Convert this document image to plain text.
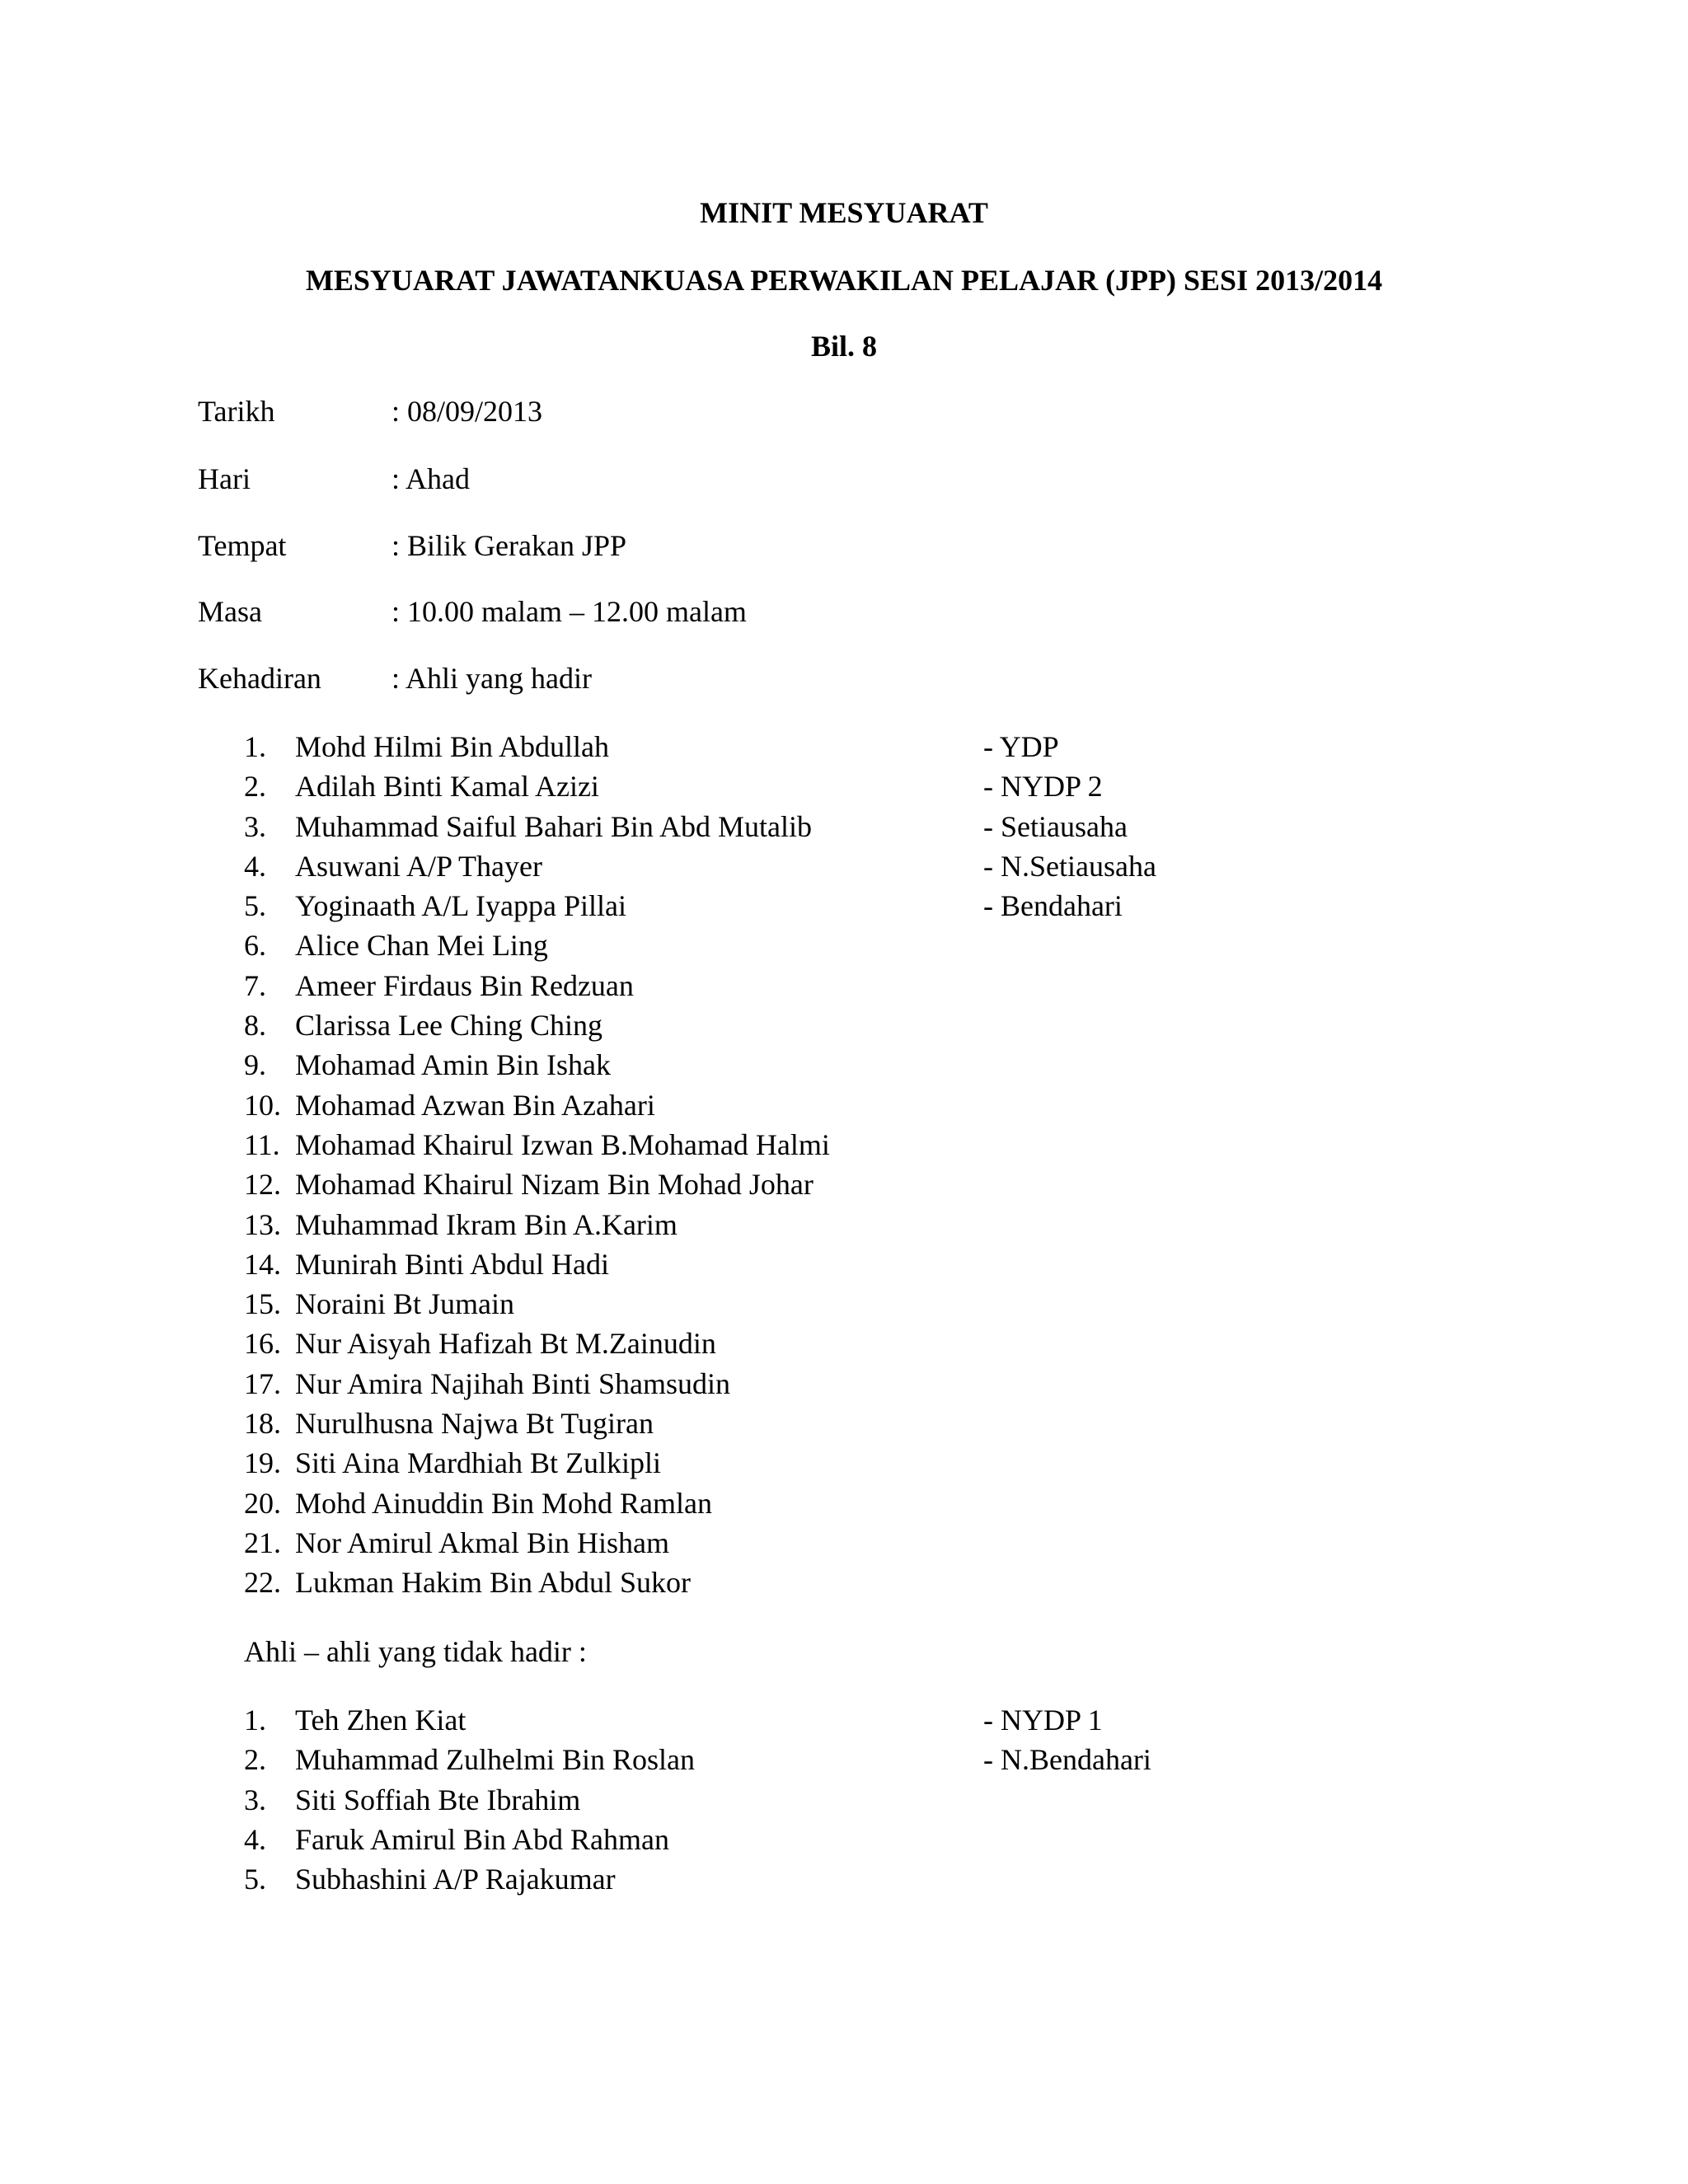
MINIT MESYUARAT
MESYUARAT JAWATANKUASA PERWAKILAN PELAJAR (JPP) SESI 2013/2014
Bil. 8
Tarikh	: 08/09/2013
Hari	: Ahad
Tempat	: Bilik Gerakan JPP
Masa	: 10.00 malam – 12.00 malam
Kehadiran : Ahli yang hadir
1. Mohd Hilmi Bin Abdullah	- YDP
2. Adilah Binti Kamal Azizi	- NYDP 2
3. Muhammad Saiful Bahari Bin Abd Mutalib	- Setiausaha
4. Asuwani A/P Thayer	- N.Setiausaha
5. Yoginaath A/L Iyappa Pillai	- Bendahari
6. Alice Chan Mei Ling
7. Ameer Firdaus Bin Redzuan
8. Clarissa Lee Ching Ching
9. Mohamad Amin Bin Ishak
10. Mohamad Azwan Bin Azahari
11. Mohamad Khairul Izwan B.Mohamad Halmi
12. Mohamad Khairul Nizam Bin Mohad Johar
13. Muhammad Ikram Bin A.Karim
14. Munirah Binti Abdul Hadi
15. Noraini Bt Jumain
16. Nur Aisyah Hafizah Bt M.Zainudin
17. Nur Amira Najihah Binti Shamsudin
18. Nurulhusna Najwa Bt Tugiran
19. Siti Aina Mardhiah Bt Zulkipli
20. Mohd Ainuddin Bin Mohd Ramlan
21. Nor Amirul Akmal Bin Hisham
22. Lukman Hakim Bin Abdul Sukor
Ahli – ahli yang tidak hadir :
1. Teh Zhen Kiat	- NYDP 1
2. Muhammad Zulhelmi Bin Roslan	- N.Bendahari
3. Siti Soffiah Bte Ibrahim
4. Faruk Amirul Bin Abd Rahman
5. Subhashini A/P Rajakumar
